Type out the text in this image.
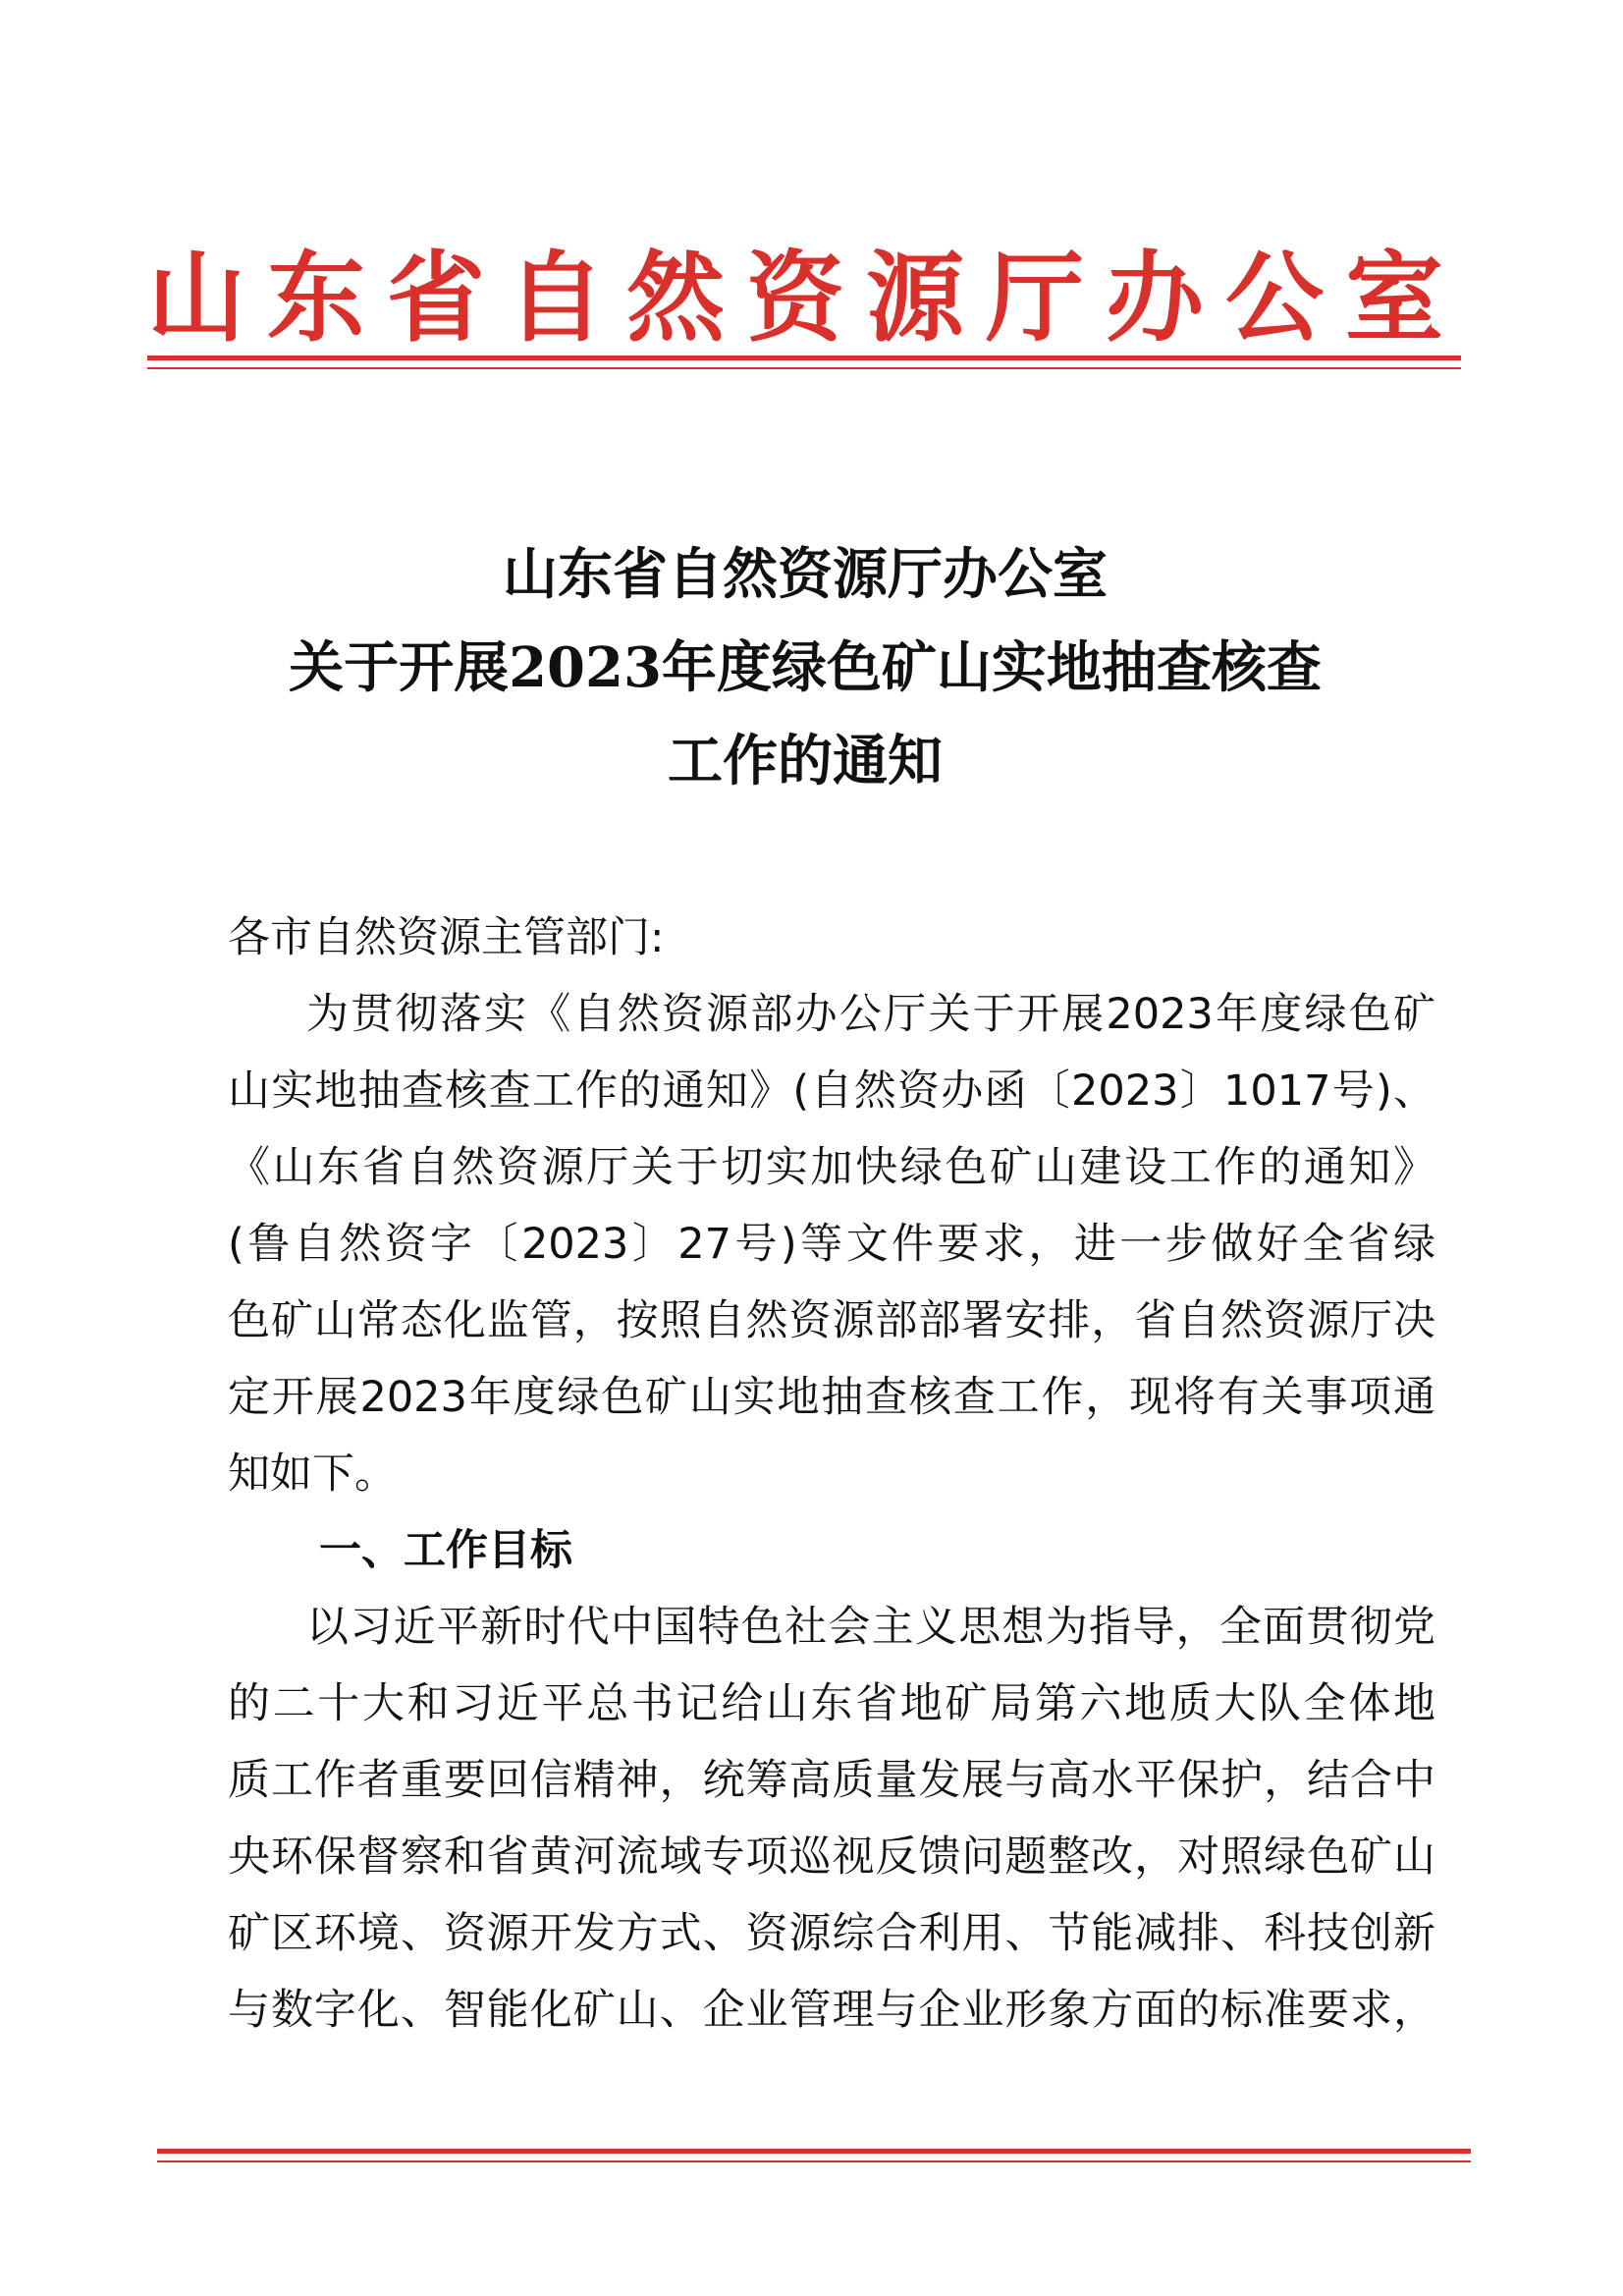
山东省自然资源厅办公室
山东省自然资源厅办公室
关于开展2023年度绿色矿山实地抽查核查
工作的通知
各市自然资源主管部门:
为贯彻落实《自然资源部办公厅关于开展2023年度绿色矿
山实地抽查核查工作的通知》(自然资办函〔2023〕1017号)、
《山东省自然资源厅关于切实加快绿色矿山建设工作的通知》
(鲁自然资字〔2023〕27号)等文件要求，进一步做好全省绿
色矿山常态化监管，按照自然资源部部署安排，省自然资源厅决
定开展2023年度绿色矿山实地抽查核查工作，现将有关事项通
知如下。
一、工作目标
以习近平新时代中国特色社会主义思想为指导，全面贯彻党
的二十大和习近平总书记给山东省地矿局第六地质大队全体地
质工作者重要回信精神，统筹高质量发展与高水平保护，结合中
央环保督察和省黄河流域专项巡视反馈问题整改，对照绿色矿山
矿区环境、资源开发方式、资源综合利用、节能减排、科技创新
与数字化、智能化矿山、企业管理与企业形象方面的标准要求，
